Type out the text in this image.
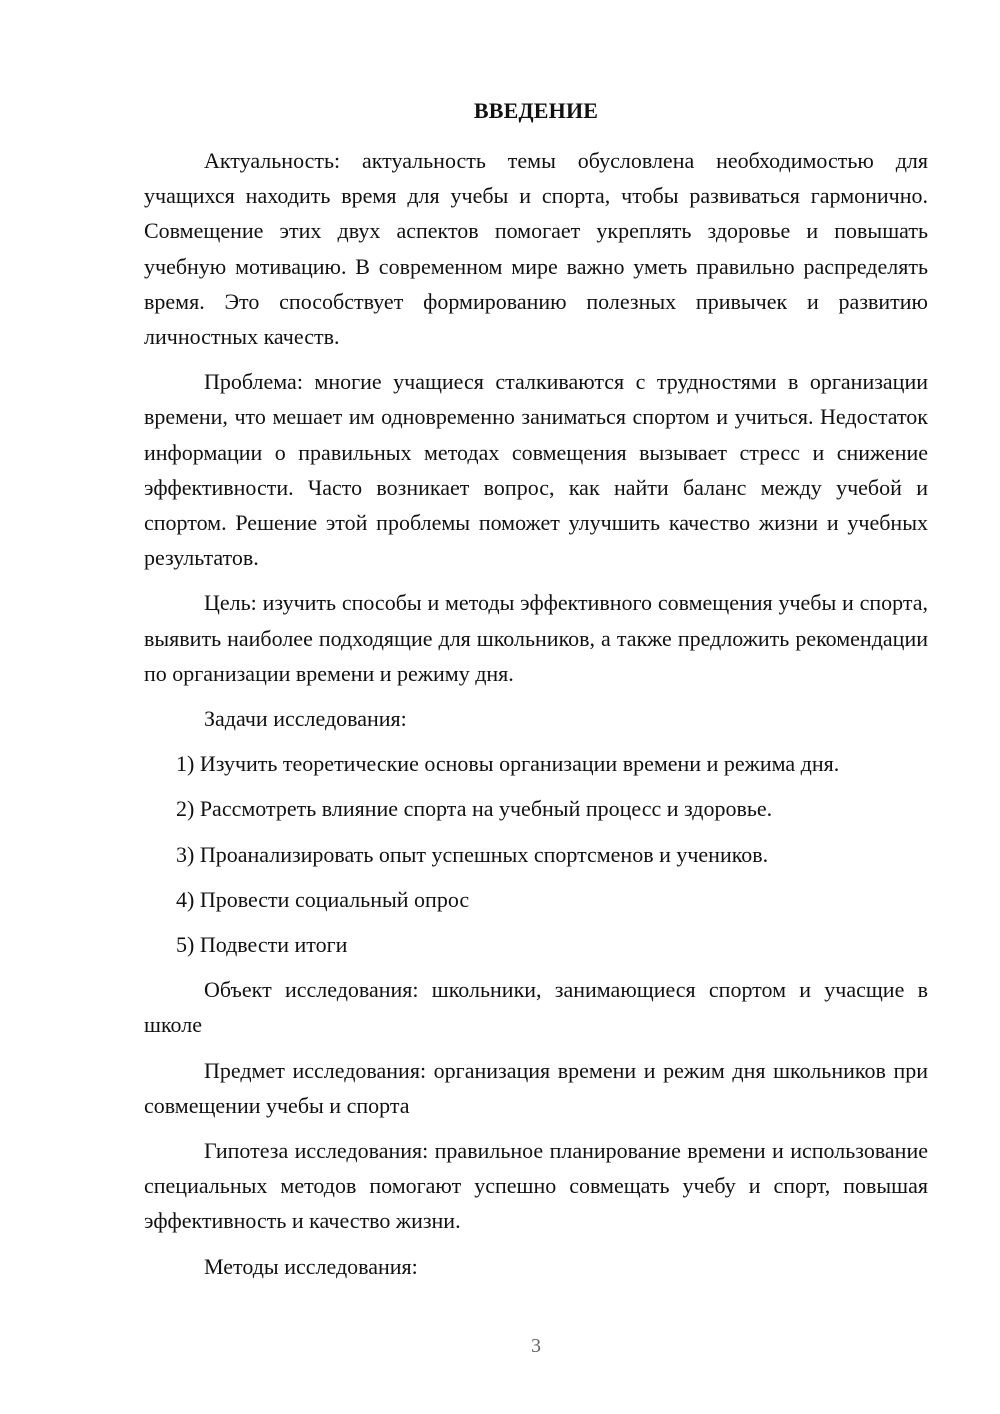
ВВЕДЕНИЕ

Актуальность: актуальность темы обусловлена необходимостью для учащихся находить время для учебы и спорта, чтобы развиваться гармонично. Совмещение этих двух аспектов помогает укреплять здоровье и повышать учебную мотивацию. В современном мире важно уметь правильно распределять время. Это способствует формированию полезных привычек и развитию личностных качеств.

Проблема: многие учащиеся сталкиваются с трудностями в организации времени, что мешает им одновременно заниматься спортом и учиться. Недостаток информации о правильных методах совмещения вызывает стресс и снижение эффективности. Часто возникает вопрос, как найти баланс между учебой и спортом. Решение этой проблемы поможет улучшить качество жизни и учебных результатов.

Цель: изучить способы и методы эффективного совмещения учебы и спорта, выявить наиболее подходящие для школьников, а также предложить рекомендации по организации времени и режиму дня.

Задачи исследования:

1) Изучить теоретические основы организации времени и режима дня.
2) Рассмотреть влияние спорта на учебный процесс и здоровье.
3) Проанализировать опыт успешных спортсменов и учеников.
4) Провести социальный опрос
5) Подвести итоги

Объект исследования: школьники, занимающиеся спортом и учасщие в школе

Предмет исследования: организация времени и режим дня школьников при совмещении учебы и спорта

Гипотеза исследования: правильное планирование времени и использование специальных методов помогают успешно совмещать учебу и спорт, повышая эффективность и качество жизни.

Методы исследования:

3
